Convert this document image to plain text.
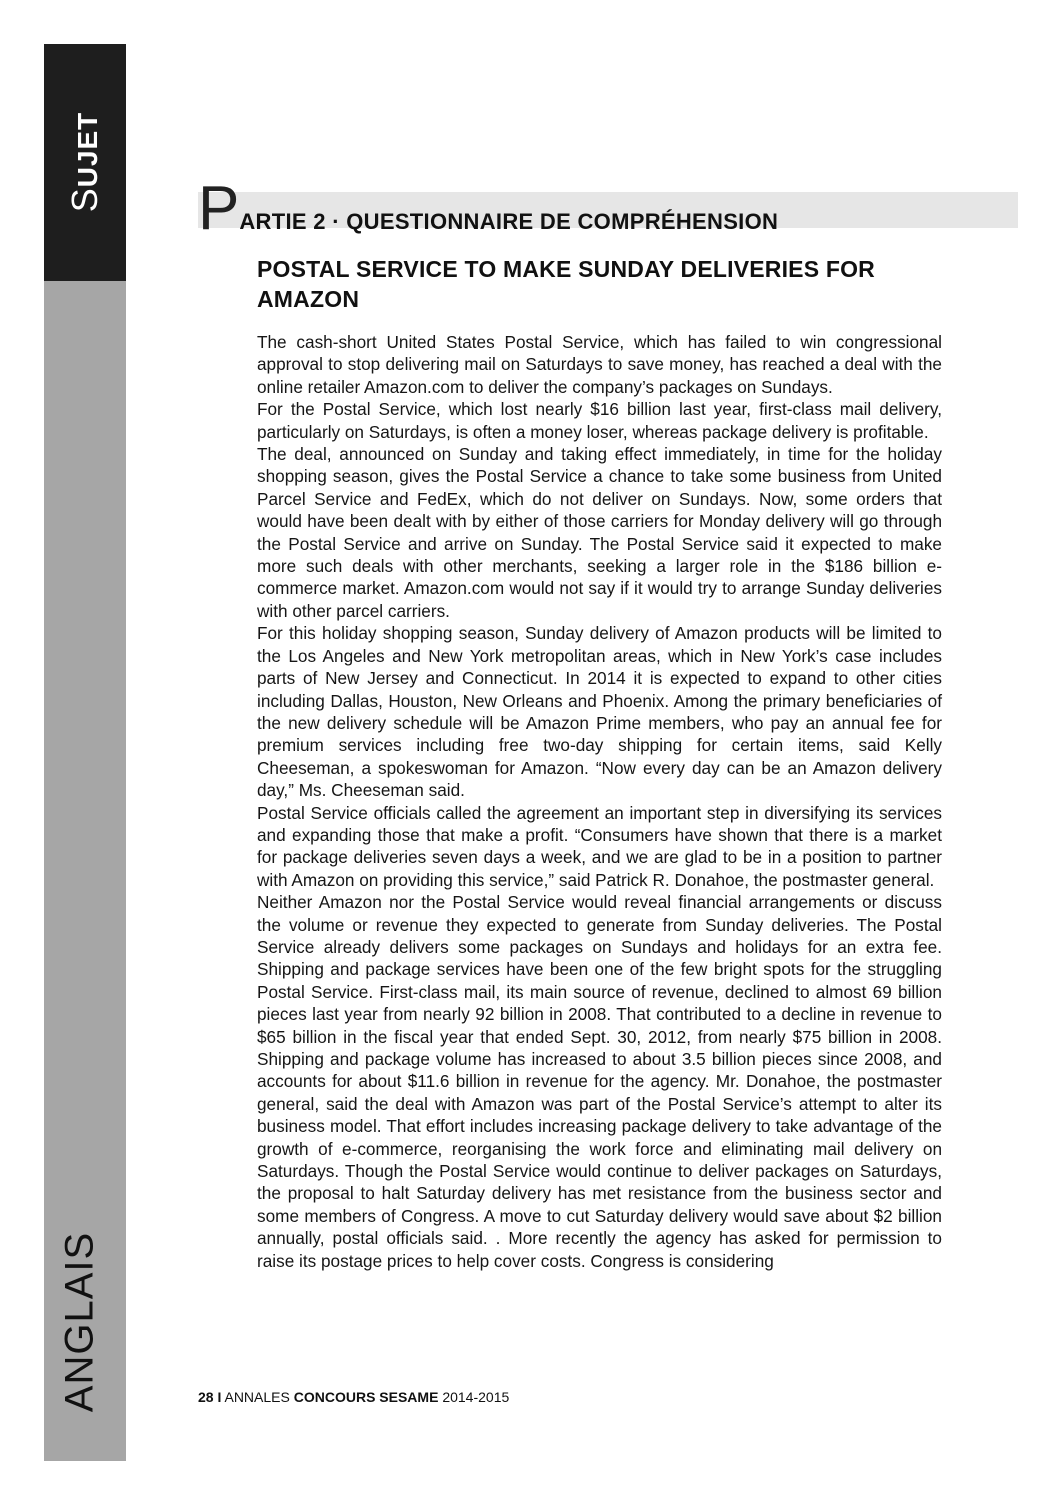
SUJET
ANGLAIS
PARTIE 2 · QUESTIONNAIRE DE COMPRÉHENSION
POSTAL SERVICE TO MAKE SUNDAY DELIVERIES FOR AMAZON

The cash-short United States Postal Service, which has failed to win congressional approval to stop delivering mail on Saturdays to save money, has reached a deal with the online retailer Amazon.com to deliver the company’s packages on Sundays.

For the Postal Service, which lost nearly $16 billion last year, first-class mail delivery, particularly on Saturdays, is often a money loser, whereas package delivery is profitable.

The deal, announced on Sunday and taking effect immediately, in time for the holiday shopping season, gives the Postal Service a chance to take some business from United Parcel Service and FedEx, which do not deliver on Sundays. Now, some orders that would have been dealt with by either of those carriers for Monday delivery will go through the Postal Service and arrive on Sunday. The Postal Service said it expected to make more such deals with other merchants, seeking a larger role in the $186 billion e-commerce market. Amazon.com would not say if it would try to arrange Sunday deliveries with other parcel carriers.

For this holiday shopping season, Sunday delivery of Amazon products will be limited to the Los Angeles and New York metropolitan areas, which in New York’s case includes parts of New Jersey and Connecticut. In 2014 it is expected to expand to other cities including Dallas, Houston, New Orleans and Phoenix. Among the primary beneficiaries of the new delivery schedule will be Amazon Prime members, who pay an annual fee for premium services including free two-day shipping for certain items, said Kelly Cheeseman, a spokeswoman for Amazon. “Now every day can be an Amazon delivery day,” Ms. Cheeseman said.

Postal Service officials called the agreement an important step in diversifying its services and expanding those that make a profit. “Consumers have shown that there is a market for package deliveries seven days a week, and we are glad to be in a position to partner with Amazon on providing this service,” said Patrick R. Donahoe, the postmaster general.

Neither Amazon nor the Postal Service would reveal financial arrangements or discuss the volume or revenue they expected to generate from Sunday deliveries. The Postal Service already delivers some packages on Sundays and holidays for an extra fee. Shipping and package services have been one of the few bright spots for the struggling Postal Service. First-class mail, its main source of revenue, declined to almost 69 billion pieces last year from nearly 92 billion in 2008. That contributed to a decline in revenue to $65 billion in the fiscal year that ended Sept. 30, 2012, from nearly $75 billion in 2008. Shipping and package volume has increased to about 3.5 billion pieces since 2008, and accounts for about $11.6 billion in revenue for the agency. Mr. Donahoe, the postmaster general, said the deal with Amazon was part of the Postal Service’s attempt to alter its business model. That effort includes increasing package delivery to take advantage of the growth of e-commerce, reorganising the work force and eliminating mail delivery on Saturdays. Though the Postal Service would continue to deliver packages on Saturdays, the proposal to halt Saturday delivery has met resistance from the business sector and some members of Congress. A move to cut Saturday delivery would save about $2 billion annually, postal officials said. . More recently the agency has asked for permission to raise its postage prices to help cover costs. Congress is considering

28 I ANNALES CONCOURS SESAME 2014-2015
